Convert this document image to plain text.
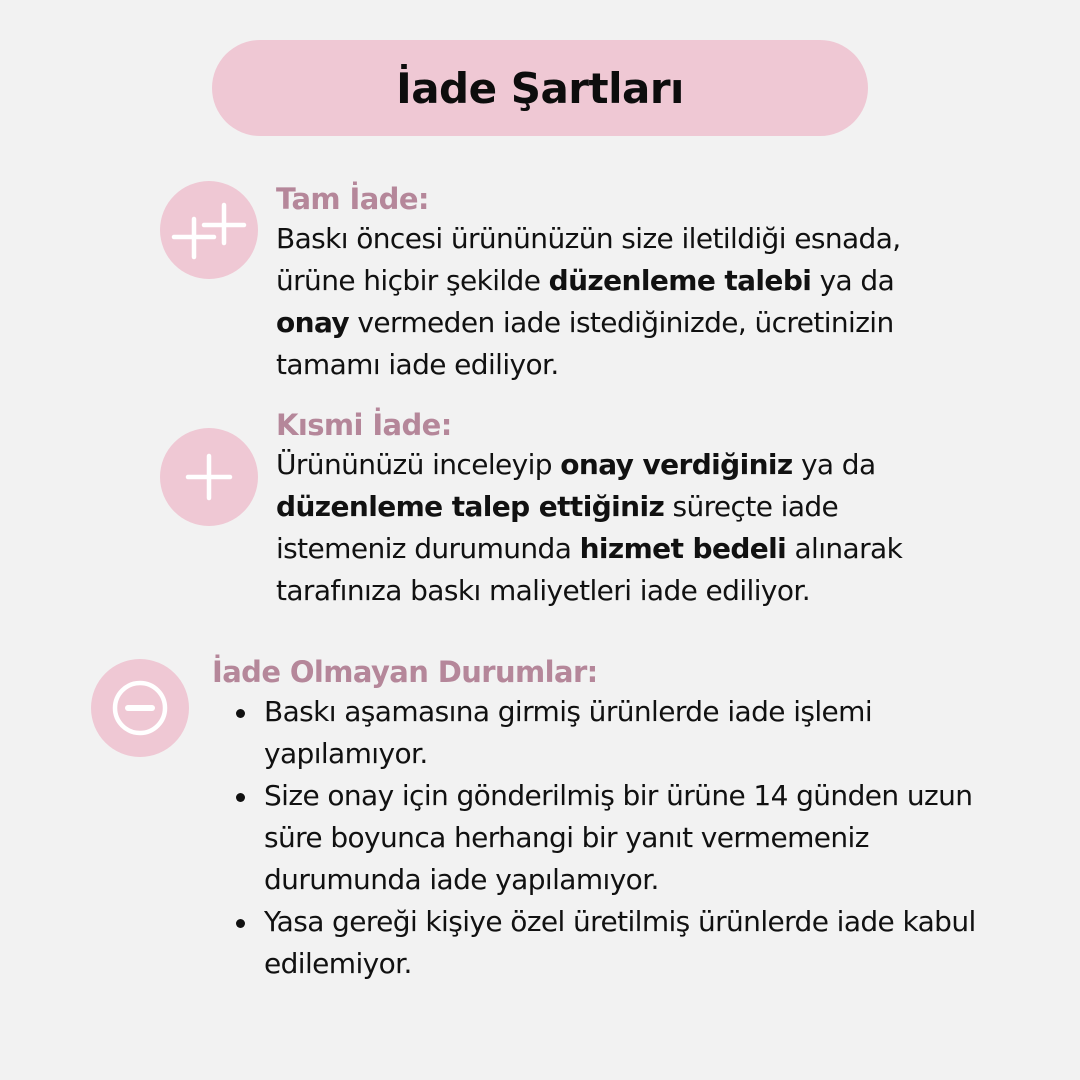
İade Şartları
Tam İade:
Baskı öncesi ürününüzün size iletildiği esnada, ürüne hiçbir şekilde düzenleme talebi ya da onay vermeden iade istediğinizde, ücretinizin tamamı iade ediliyor.
Kısmi İade:
Ürününüzü inceleyip onay verdiğiniz ya da düzenleme talep ettiğiniz süreçte iade istemeniz durumunda hizmet bedeli alınarak tarafınıza baskı maliyetleri iade ediliyor.
İade Olmayan Durumlar:
Baskı aşamasına girmiş ürünlerde iade işlemi yapılamıyor.
Size onay için gönderilmiş bir ürüne 14 günden uzun süre boyunca herhangi bir yanıt vermemeniz durumunda iade yapılamıyor.
Yasa gereği kişiye özel üretilmiş ürünlerde iade kabul edilemiyor.
